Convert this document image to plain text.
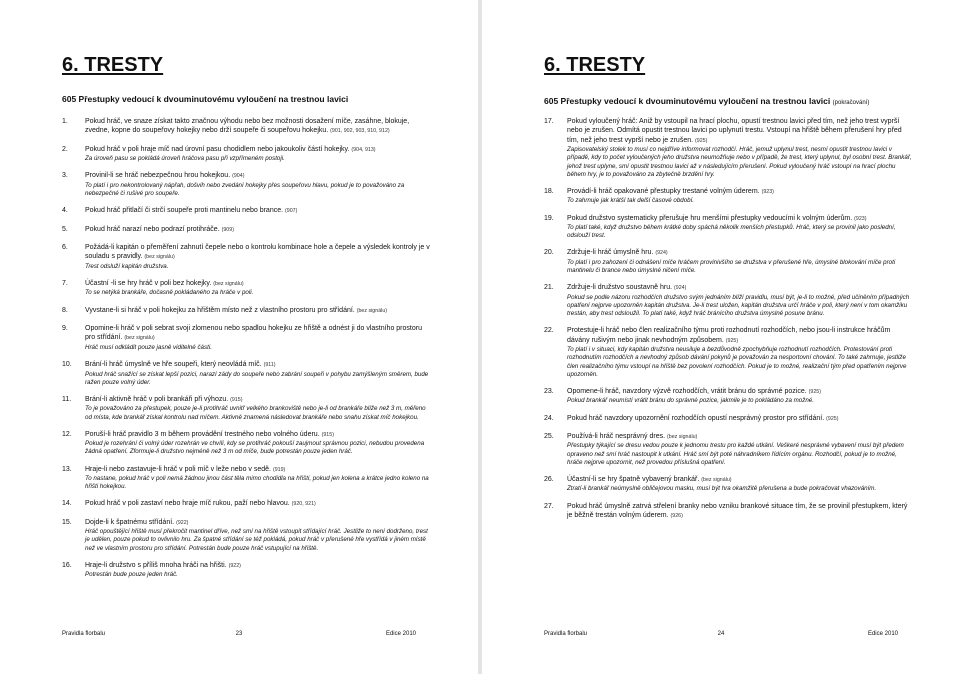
6. TRESTY
605 Přestupky vedoucí k dvouminutovému vyloučení na trestnou lavici
1.	Pokud hráč, ve snaze získat takto značnou výhodu nebo bez možnosti dosažení míče, zasáhne, blokuje, zvedne, kopne do soupeřovy hokejky nebo drží soupeře či soupeřovu hokejku. (901, 902, 903, 910, 912)
2.	Pokud hráč v poli hraje míč nad úrovní pasu chodidlem nebo jakoukoliv částí hokejky. (904, 913)
Za úroveň pasu se pokládá úroveň hráčova pasu při vzpřímeném postoji.
3.	Provinil-li se hráč nebezpečnou hrou hokejkou. (904)
To platí i pro nekontrolovaný nápřah, došvih nebo zvedání hokejky přes soupeřovu hlavu, pokud je to považováno za nebezpečné či rušivé pro soupeře.
4.	Pokud hráč přitlačí či strčí soupeře proti mantinelu nebo brance. (907)
5.	Pokud hráč narazí nebo podrazí protihráče. (909)
6.	Požádá-li kapitán o přeměření zahnutí čepele nebo o kontrolu kombinace hole a čepele a výsledek kontroly je v souladu s pravidly. (bez signálu)
Trest odsluží kapitán družstva.
7.	Účastní -li se hry hráč v poli bez hokejky. (bez signálu)
To se netýká brankáře, dočasně pokládaného za hráče v poli.
8.	Vyvstane-li si hráč v poli hokejku za hřištěm místo než z vlastního prostoru pro střídání. (bez signálu)
9.	Opomine-li hráč v poli sebrat svoji zlomenou nebo spadlou hokejku ze hřiště a odnést ji do vlastního prostoru pro střídání. (bez signálu)
Hráč musí odkládit pouze jasně viditelné části.
10.	Brání-li hráč úmyslně ve hře soupeři, který neovládá míč. (911)
Pokud hráč snažící se získat lepší pozici, narazí zády do soupeře nebo zabrání soupeři v pohybu zamýšleným směrem, bude ražen pouze volný úder.
11.	Brání-li aktivně hráč v poli brankáři při výhozu. (915)
To je považováno za přestupek, pouze je-li protihráč uvnitř velkého brankoviště nebo je-li od brankáře blíže než 3 m, měřeno od místa, kde brankář získal kontrolu nad míčem. Aktivně znamená následovat brankáře nebo snahu získat míč hokejkou.
12.	Poruší-li hráč pravidlo 3 m během provádění trestného nebo volného úderu. (915)
Pokud je rozehrání či volný úder rozehrán ve chvíli, kdy se protihráč pokouší zaujmout správnou pozici, nebudou provedena žádná opatření. Zformuje-li družstvo nejméně než 3 m od míče, bude potrestán pouze jeden hráč.
13.	Hraje-li nebo zastavuje-li hráč v poli míč v leže nebo v sedě. (919)
To nastane, pokud hráč v poli nemá žádnou jinou část těla mimo chodidla na hřišti, pokud jen kolena a krátce jedno koleno na hřišti hokejkou.
14.	Pokud hráč v poli zastaví nebo hraje míč rukou, paží nebo hlavou. (920, 921)
15.	Dojde-li k špatnému střídání. (922)
Hráč opouštějící hřiště musí překročit mantinel dříve, než smí na hřiště vstoupit střídající hráč. Jestliže to není dodrženo, trest je udělen, pouze pokud to ovlivnilo hru. Za špatné střídání se též pokládá, pokud hráč v přerušené hře vystřídá v jiném místě než ve vlastním prostoru pro střídání. Potrestán bude pouze hráč vstupující na hřiště.
16.	Hraje-li družstvo s příliš mnoha hráči na hřišti. (922)
Potrestán bude pouze jeden hráč.
Pravidla florbalu	23	Edice 2010
6. TRESTY
605 Přestupky vedoucí k dvouminutovému vyloučení na trestnou lavici (pokračování)
17.	Pokud vyloučený hráč: Aniž by vstoupil na hrací plochu, opustí trestnou lavici před tím, než jeho trest vyprší nebo je zrušen. Odmítá opustit trestnou lavici po uplynutí trestu. Vstoupí na hřiště během přerušení hry před tím, než jeho trest vyprší nebo je zrušen. (925)
Zapisovatelský stolek to musí co nejdříve informovat rozhodčí. Hráč, jemuž uplynul trest, nesmí opustit trestnou lavici v případě, kdy to počet vyloučených jeho družstva neumožňuje nebo v případě, že trest, který uplynul, byl osobní trest. Brankář, jehož trest uplyne, smí opustit trestnou lavici až v následujícím přerušení. Pokud vyloučený hráč vstoupí na hrací plochu během hry, je to považováno za zbytečně brzdění hry.
18.	Provádí-li hráč opakované přestupky trestané volným úderem. (923)
To zahrnuje jak krátší tak delší časové období.
19.	Pokud družstvo systematicky přerušuje hru menšími přestupky vedoucími k volným úderům. (923)
To platí také, když družstvo během krátké doby spáchá několik menších přestupků. Hráč, který se provinil jako poslední, odslouží trest.
20.	Zdržuje-li hráč úmyslně hru. (924)
To platí i pro zahození či odnášení míče hráčem provinivšího se družstva v přerušené hře, úmyslné blokování míče proti mantinelu či brance nebo úmyslné ničení míče.
21.	Zdržuje-li družstvo soustavně hru. (924)
Pokud se podle názoru rozhodčích družstvo svým jednáním blíží pravidlu, musí být, je-li to možné, před učiněním případných opatření nejprve upozorněn kapitán družstva. Je-li trest uložen, kapitán družstva určí hráče v poli, který není v tom okamžiku trestán, aby trest odsloužil. To platí také, když hráč bránícího družstva úmyslně posune bránu.
22.	Protestuje-li hráč nebo člen realizačního týmu proti rozhodnutí rozhodčích, nebo jsou-li instrukce hráčům dávány rušivým nebo jinak nevhodným způsobem. (925)
To platí i v situaci, kdy kapitán družstva neusiluje a bezdůvodně zpochybňuje rozhodnutí rozhodčích. Protestování proti rozhodnutím rozhodčích a nevhodný způsob dávání pokynů je považován za nesportovní chování. To také zahrnuje, jestliže člen realizačního týmu vstoupí na hřiště bez povolení rozhodčích. Pokud je to možné, realizační tým před opatřením nejprve upozorněn.
23.	Opomene-li hráč, navzdory výzvě rozhodčích, vrátit bránu do správné pozice. (925)
Pokud brankář neumístí vrátit bránu do správné pozice, jakmile je to pokládáno za možné.
24.	Pokud hráč navzdory upozornění rozhodčích opustí nesprávný prostor pro střídání. (925)
25.	Používá-li hráč nesprávný dres. (bez signálu)
Přestupky týkající se dresu vedou pouze k jednomu trestu pro každé utkání. Veškeré nesprávné vybavení musí být předem opraveno než smí hráč nastoupit k utkání. Hráč smí být poté náhradníkem řídícím orgánu. Rozhodčí, pokud je to možné, hráče nejprve upozornit, než provedou příslušná opatření.
26.	Účastní-li se hry špatně vybavený brankář. (bez signálu)
Ztratí-li brankář neúmyslně obličejovou masku, musí být hra okamžitě přerušena a bude pokračovat vhazováním.
27.	Pokud hráč úmyslně zatrvá střelení branky nebo vzniku brankové situace tím, že se provinil přestupkem, který je běžně trestán volným úderem. (926)
Pravidla florbalu	24	Edice 2010
